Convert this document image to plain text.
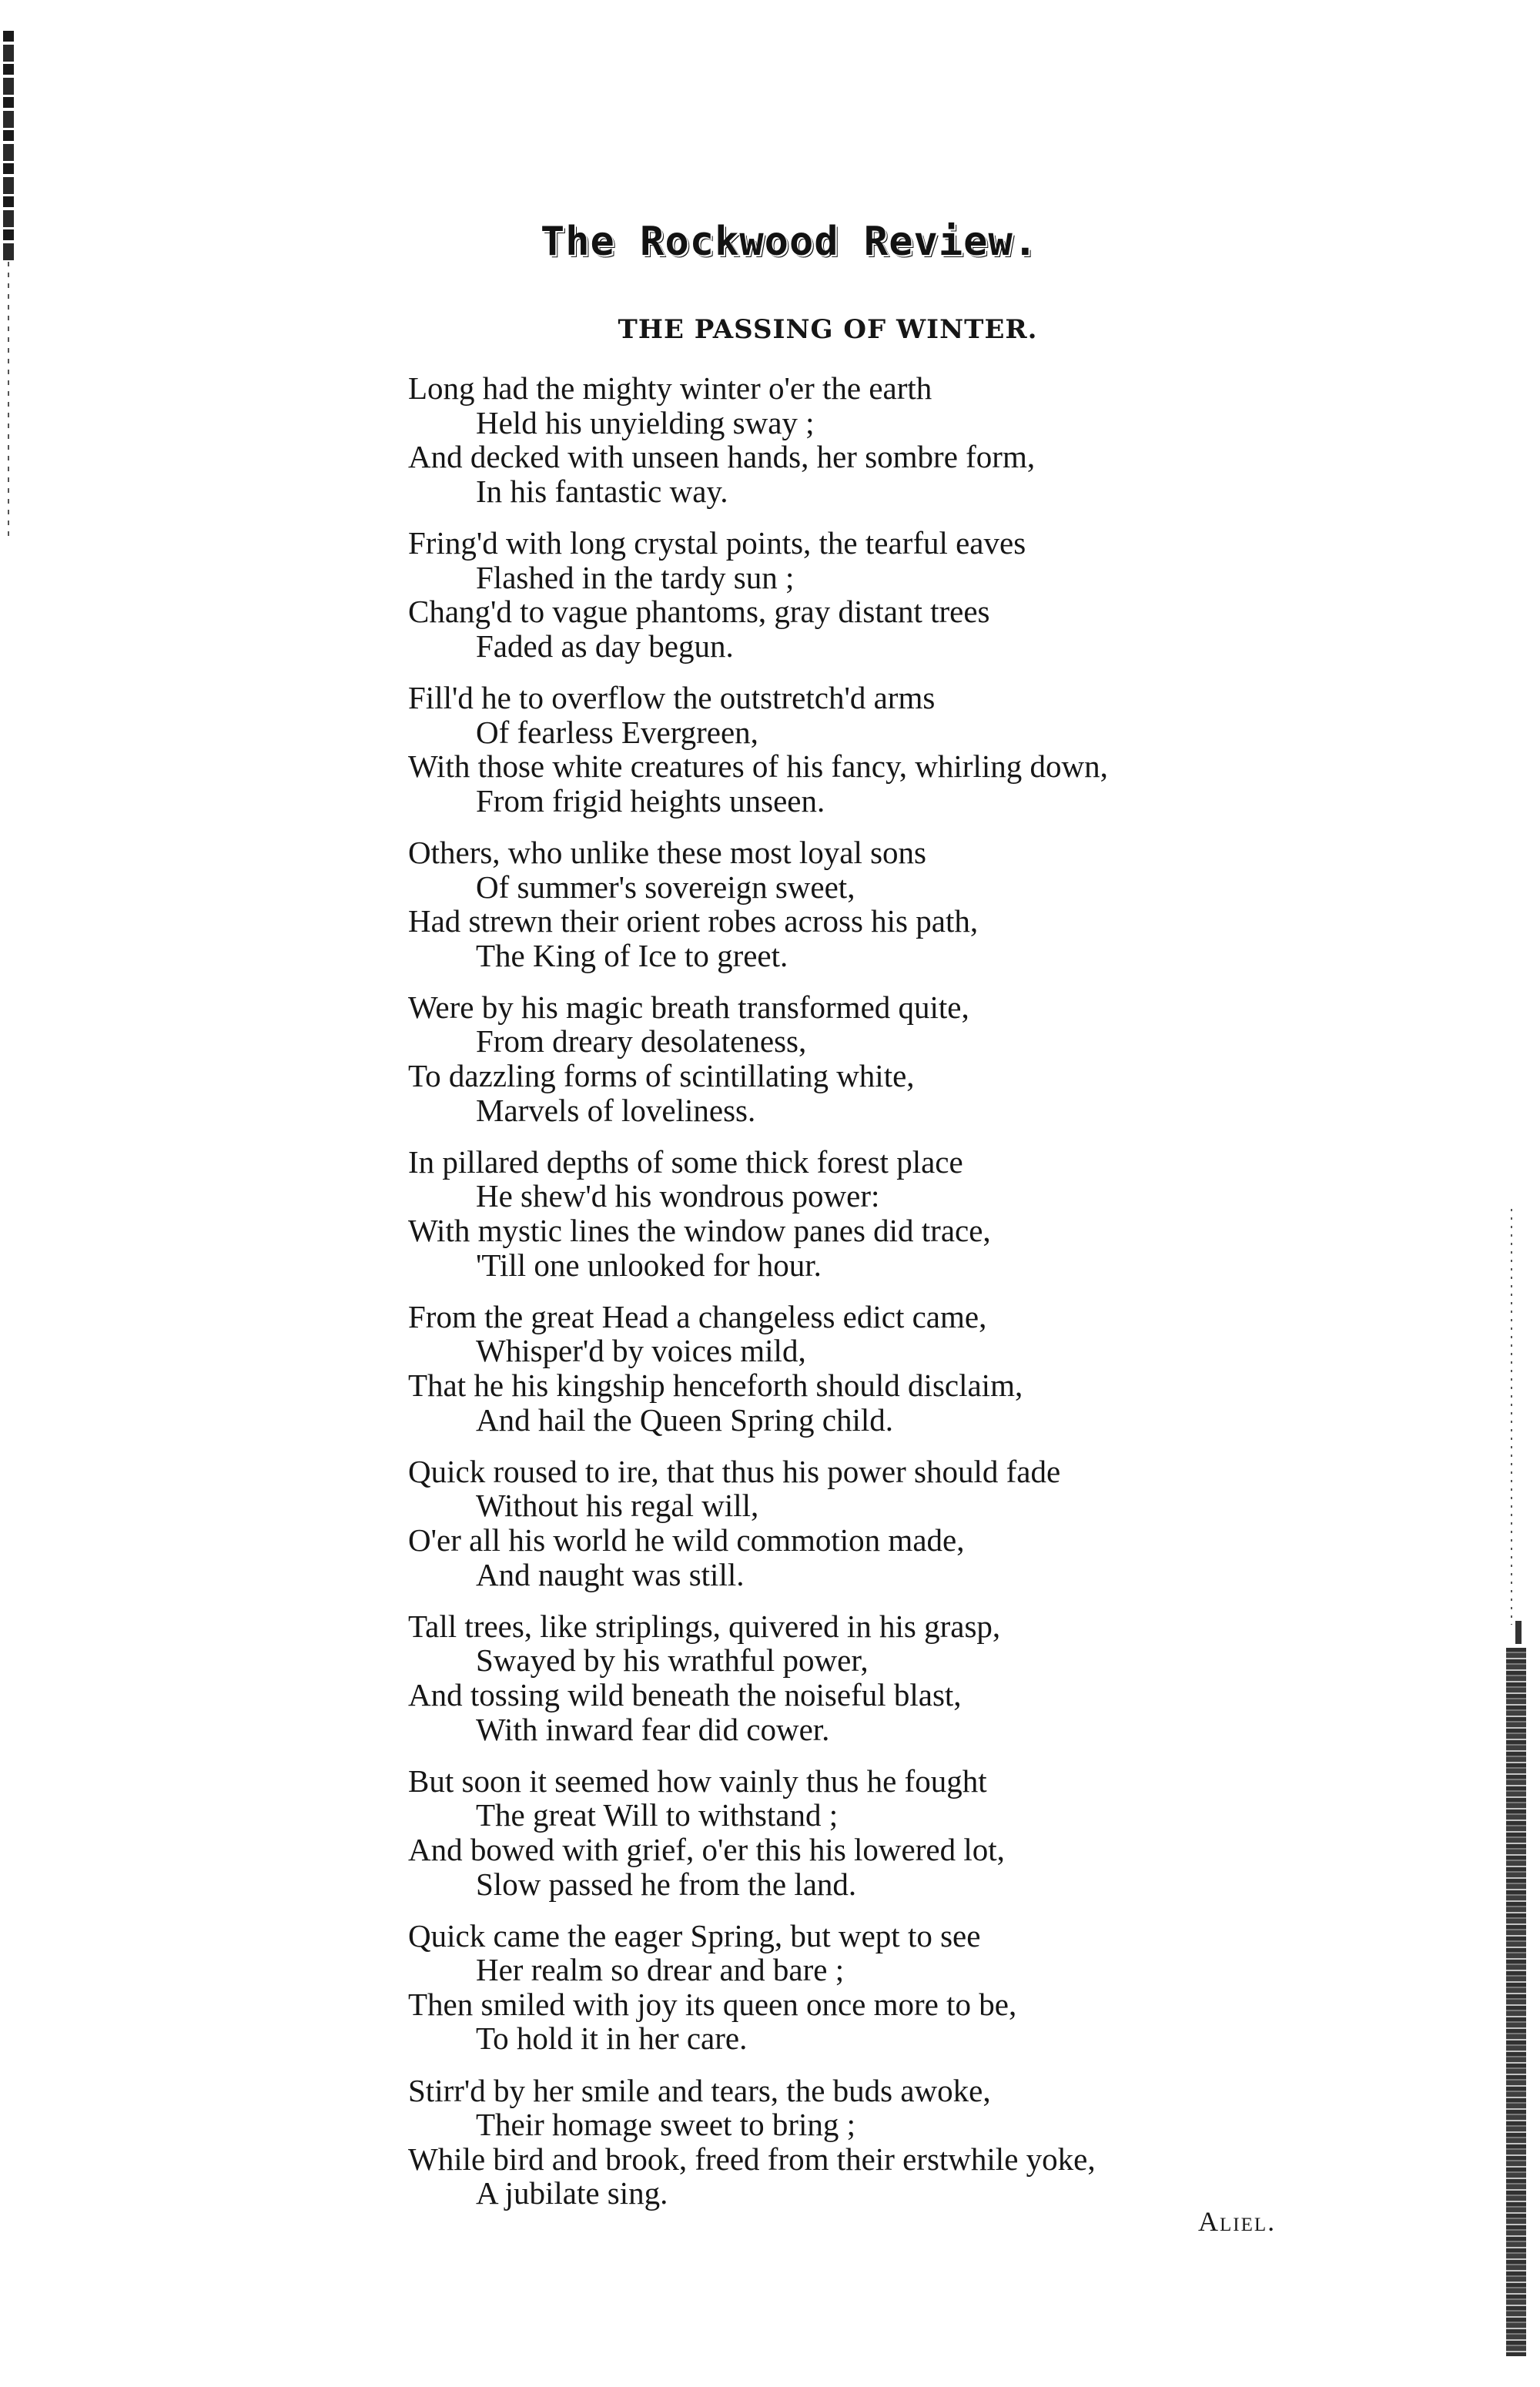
The Rockwood Review.
THE PASSING OF WINTER.
Long had the mighty winter o'er the earth
Held his unyielding sway ;
And decked with unseen hands, her sombre form,
In his fantastic way.
Fring'd with long crystal points, the tearful eaves
Flashed in the tardy sun ;
Chang'd to vague phantoms, gray distant trees
Faded as day begun.
Fill'd he to overflow the outstretch'd arms
Of fearless Evergreen,
With those white creatures of his fancy, whirling down,
From frigid heights unseen.
Others, who unlike these most loyal sons
Of summer's sovereign sweet,
Had strewn their orient robes across his path,
The King of Ice to greet.
Were by his magic breath transformed quite,
From dreary desolateness,
To dazzling forms of scintillating white,
Marvels of loveliness.
In pillared depths of some thick forest place
He shew'd his wondrous power:
With mystic lines the window panes did trace,
'Till one unlooked for hour.
From the great Head a changeless edict came,
Whisper'd by voices mild,
That he his kingship henceforth should disclaim,
And hail the Queen Spring child.
Quick roused to ire, that thus his power should fade
Without his regal will,
O'er all his world he wild commotion made,
And naught was still.
Tall trees, like striplings, quivered in his grasp,
Swayed by his wrathful power,
And tossing wild beneath the noiseful blast,
With inward fear did cower.
But soon it seemed how vainly thus he fought
The great Will to withstand ;
And bowed with grief, o'er this his lowered lot,
Slow passed he from the land.
Quick came the eager Spring, but wept to see
Her realm so drear and bare ;
Then smiled with joy its queen once more to be,
To hold it in her care.
Stirr'd by her smile and tears, the buds awoke,
Their homage sweet to bring ;
While bird and brook, freed from their erstwhile yoke,
A jubilate sing.
Aliel.
